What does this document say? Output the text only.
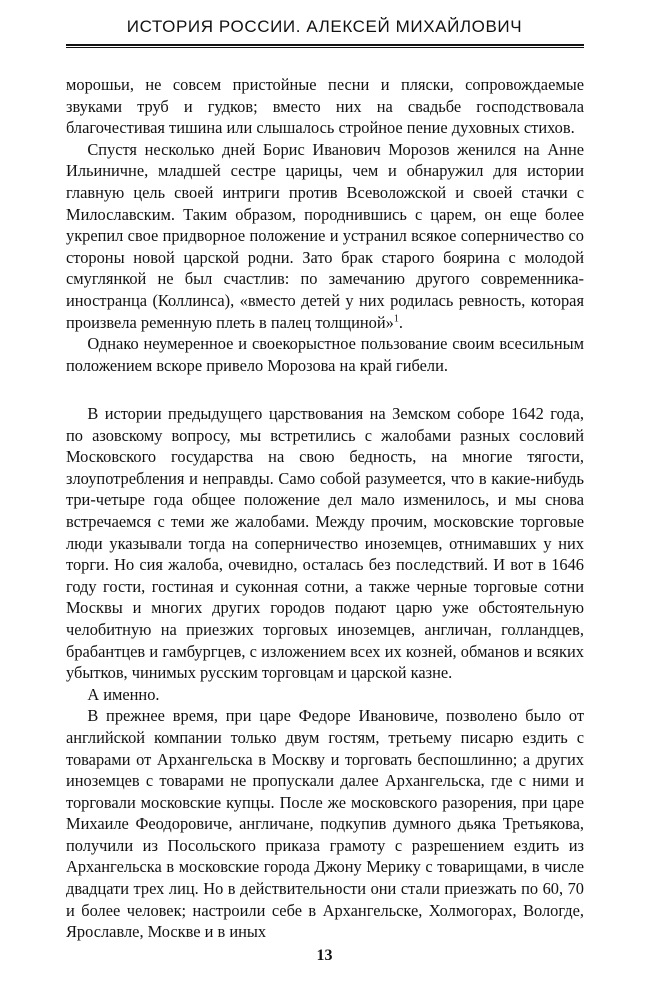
ИСТОРИЯ РОССИИ. АЛЕКСЕЙ МИХАЙЛОВИЧ

морошьи, не совсем пристойные песни и пляски, сопровождаемые звуками труб и гудков; вместо них на свадьбе господствовала благочестивая тишина или слышалось стройное пение духовных стихов.

Спустя несколько дней Борис Иванович Морозов женился на Анне Ильиничне, младшей сестре царицы, чем и обнаружил для истории главную цель своей интриги против Всеволожской и своей стачки с Милославским. Таким образом, породнившись с царем, он еще более укрепил свое придворное положение и устранил всякое соперничество со стороны новой царской родни. Зато брак старого боярина с молодой смуглянкой не был счастлив: по замечанию другого современника-иностранца (Коллинса), «вместо детей у них родилась ревность, которая произвела ременную плеть в палец толщиной»$^1$.

Однако неумеренное и своекорыстное пользование своим всесильным положением вскоре привело Морозова на край гибели.

В истории предыдущего царствования на Земском соборе 1642 года, по азовскому вопросу, мы встретились с жалобами разных сословий Московского государства на свою бедность, на многие тягости, злоупотребления и неправды. Само собой разумеется, что в какие-нибудь три-четыре года общее положение дел мало изменилось, и мы снова встречаемся с теми же жалобами. Между прочим, московские торговые люди указывали тогда на соперничество иноземцев, отнимавших у них торги. Но сия жалоба, очевидно, осталась без последствий. И вот в 1646 году гости, гостиная и суконная сотни, а также черные торговые сотни Москвы и многих других городов подают царю уже обстоятельную челобитную на приезжих торговых иноземцев, англичан, голландцев, брабантцев и гамбургцев, с изложением всех их козней, обманов и всяких убытков, чинимых русским торговцам и царской казне.

А именно.

В прежнее время, при царе Федоре Ивановиче, позволено было от английской компании только двум гостям, третьему писарю ездить с товарами от Архангельска в Москву и торговать беспошлинно; а других иноземцев с товарами не пропускали далее Архангельска, где с ними и торговали московские купцы. После же московского разорения, при царе Михаиле Феодоровиче, англичане, подкупив думного дьяка Третьякова, получили из Посольского приказа грамоту с разрешением ездить из Архангельска в московские города Джону Мерику с товарищами, в числе двадцати трех лиц. Но в действительности они стали приезжать по 60, 70 и более человек; настроили себе в Архангельске, Холмогорах, Вологде, Ярославле, Москве и в иных

13
